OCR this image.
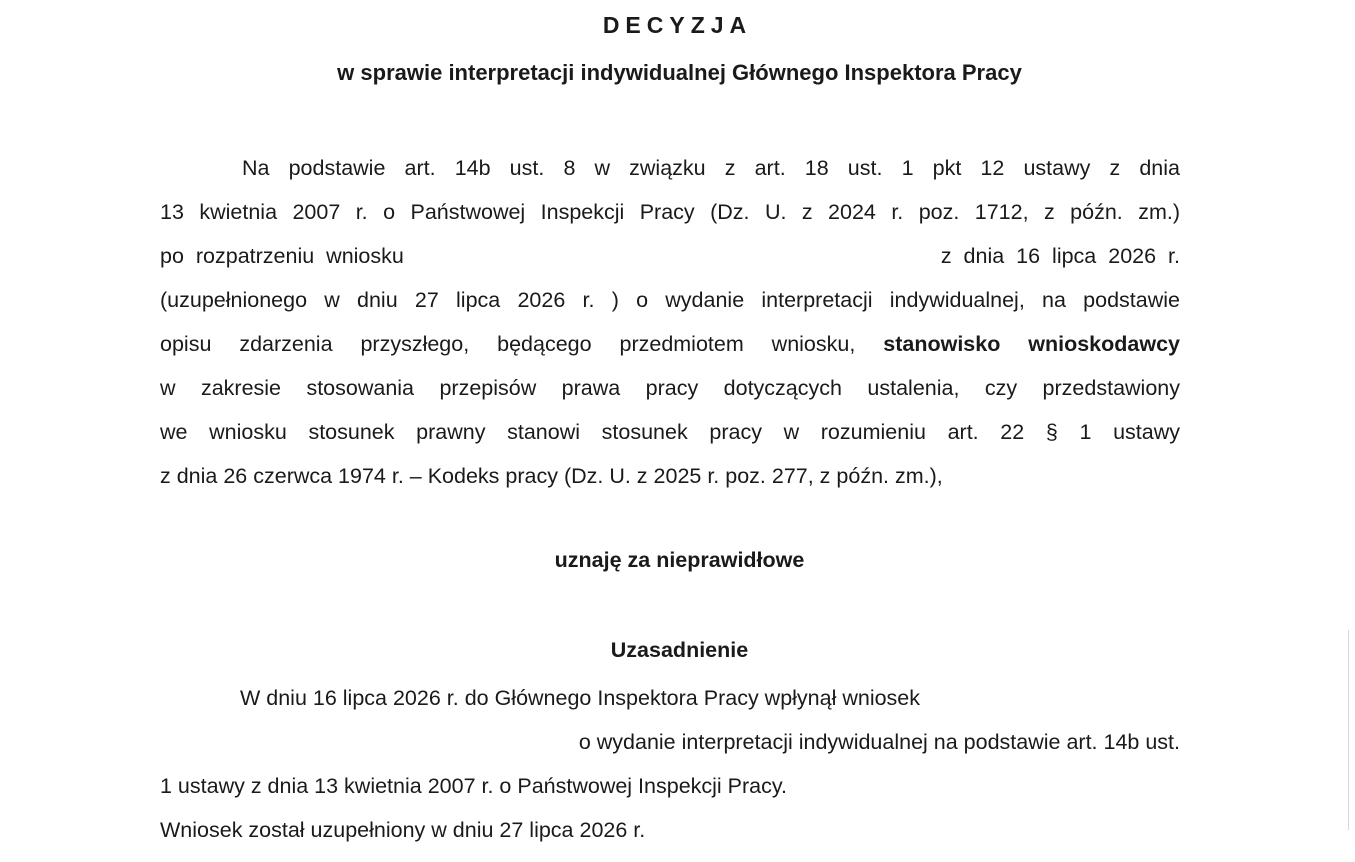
DECYZJA
w sprawie interpretacji indywidualnej Głównego Inspektora Pracy
Na podstawie art. 14b ust. 8 w związku z art. 18 ust. 1 pkt 12 ustawy z dnia
13 kwietnia 2007 r. o Państwowej Inspekcji Pracy (Dz. U. z 2024 r. poz. 1712, z późn. zm.)
po rozpatrzeniu wniosku	z dnia 16 lipca 2026 r.
(uzupełnionego w dniu 27 lipca 2026 r. ) o wydanie interpretacji indywidualnej, na podstawie
opisu zdarzenia przyszłego, będącego przedmiotem wniosku, stanowisko wnioskodawcy
w zakresie stosowania przepisów prawa pracy dotyczących ustalenia, czy przedstawiony
we wniosku stosunek prawny stanowi stosunek pracy w rozumieniu art. 22 § 1 ustawy
z dnia 26 czerwca 1974 r. – Kodeks pracy (Dz. U. z 2025 r. poz. 277, z późn. zm.),
uznaję za nieprawidłowe
Uzasadnienie
W dniu 16 lipca 2026 r. do Głównego Inspektora Pracy wpłynął wniosek
o wydanie interpretacji indywidualnej na podstawie art. 14b ust.
1 ustawy z dnia 13 kwietnia 2007 r. o Państwowej Inspekcji Pracy.
Wniosek został uzupełniony w dniu 27 lipca 2026 r.
